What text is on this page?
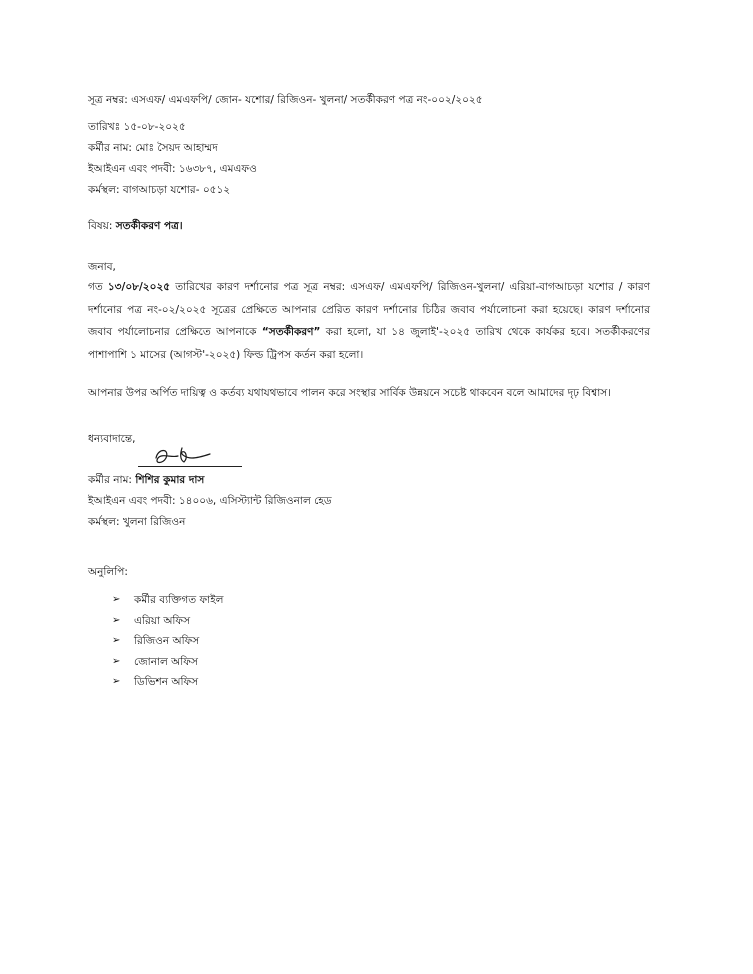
সূত্র নম্বর: এসএফ/ এমএফপি/ জোন- যশোর/ রিজিওন- খুলনা/ সতর্কীকরণ পত্র নং-০০২/২০২৫
তারিখঃ ১৫-০৮-২০২৫
কর্মীর নাম: মোঃ সৈয়দ আহাম্মদ
ইআইএন এবং পদবী: ১৬৩৮৭, এমএফও
কর্মস্থল: বাগআচড়া যশোর- ০৫১২
বিষয়: সতর্কীকরণ পত্র।
জনাব,
গত ১৩/০৮/২০২৫ তারিখের কারণ দর্শানোর পত্র সূত্র নম্বর: এসএফ/ এমএফপি/ রিজিওন-খুলনা/ এরিয়া-বাগআচড়া যশোর / কারণ
দর্শানোর পত্র নং-০২/২০২৫ সূত্রের প্রেক্ষিতে আপনার প্রেরিত কারণ দর্শানোর চিঠির জবাব পর্যালোচনা করা হয়েছে। কারণ দর্শানোর
জবাব পর্যালোচনার প্রেক্ষিতে আপনাকে “সতর্কীকরণ” করা হলো, যা ১৪ জুলাই'-২০২৫ তারিখ থেকে কার্যকর হবে। সতর্কীকরণের
পাশাপাশি ১ মাসের (আগস্ট'-২০২৫) ফিল্ড ট্রিপস কর্তন করা হলো।
আপনার উপর অর্পিত দায়িত্ব ও কর্তব্য যথাযথভাবে পালন করে সংস্থার সার্বিক উন্নয়নে সচেষ্ট থাকবেন বলে আমাদের দৃঢ় বিশ্বাস।
ধন্যবাদান্তে,
কর্মীর নাম: শিশির কুমার দাস
ইআইএন এবং পদবী: ১৪০০৬, এসিস্ট্যান্ট রিজিওনাল হেড
কর্মস্থল: খুলনা রিজিওন
অনুলিপি:
➢ কর্মীর ব্যক্তিগত ফাইল
➢ এরিয়া অফিস
➢ রিজিওন অফিস
➢ জোনাল অফিস
➢ ডিভিশন অফিস
